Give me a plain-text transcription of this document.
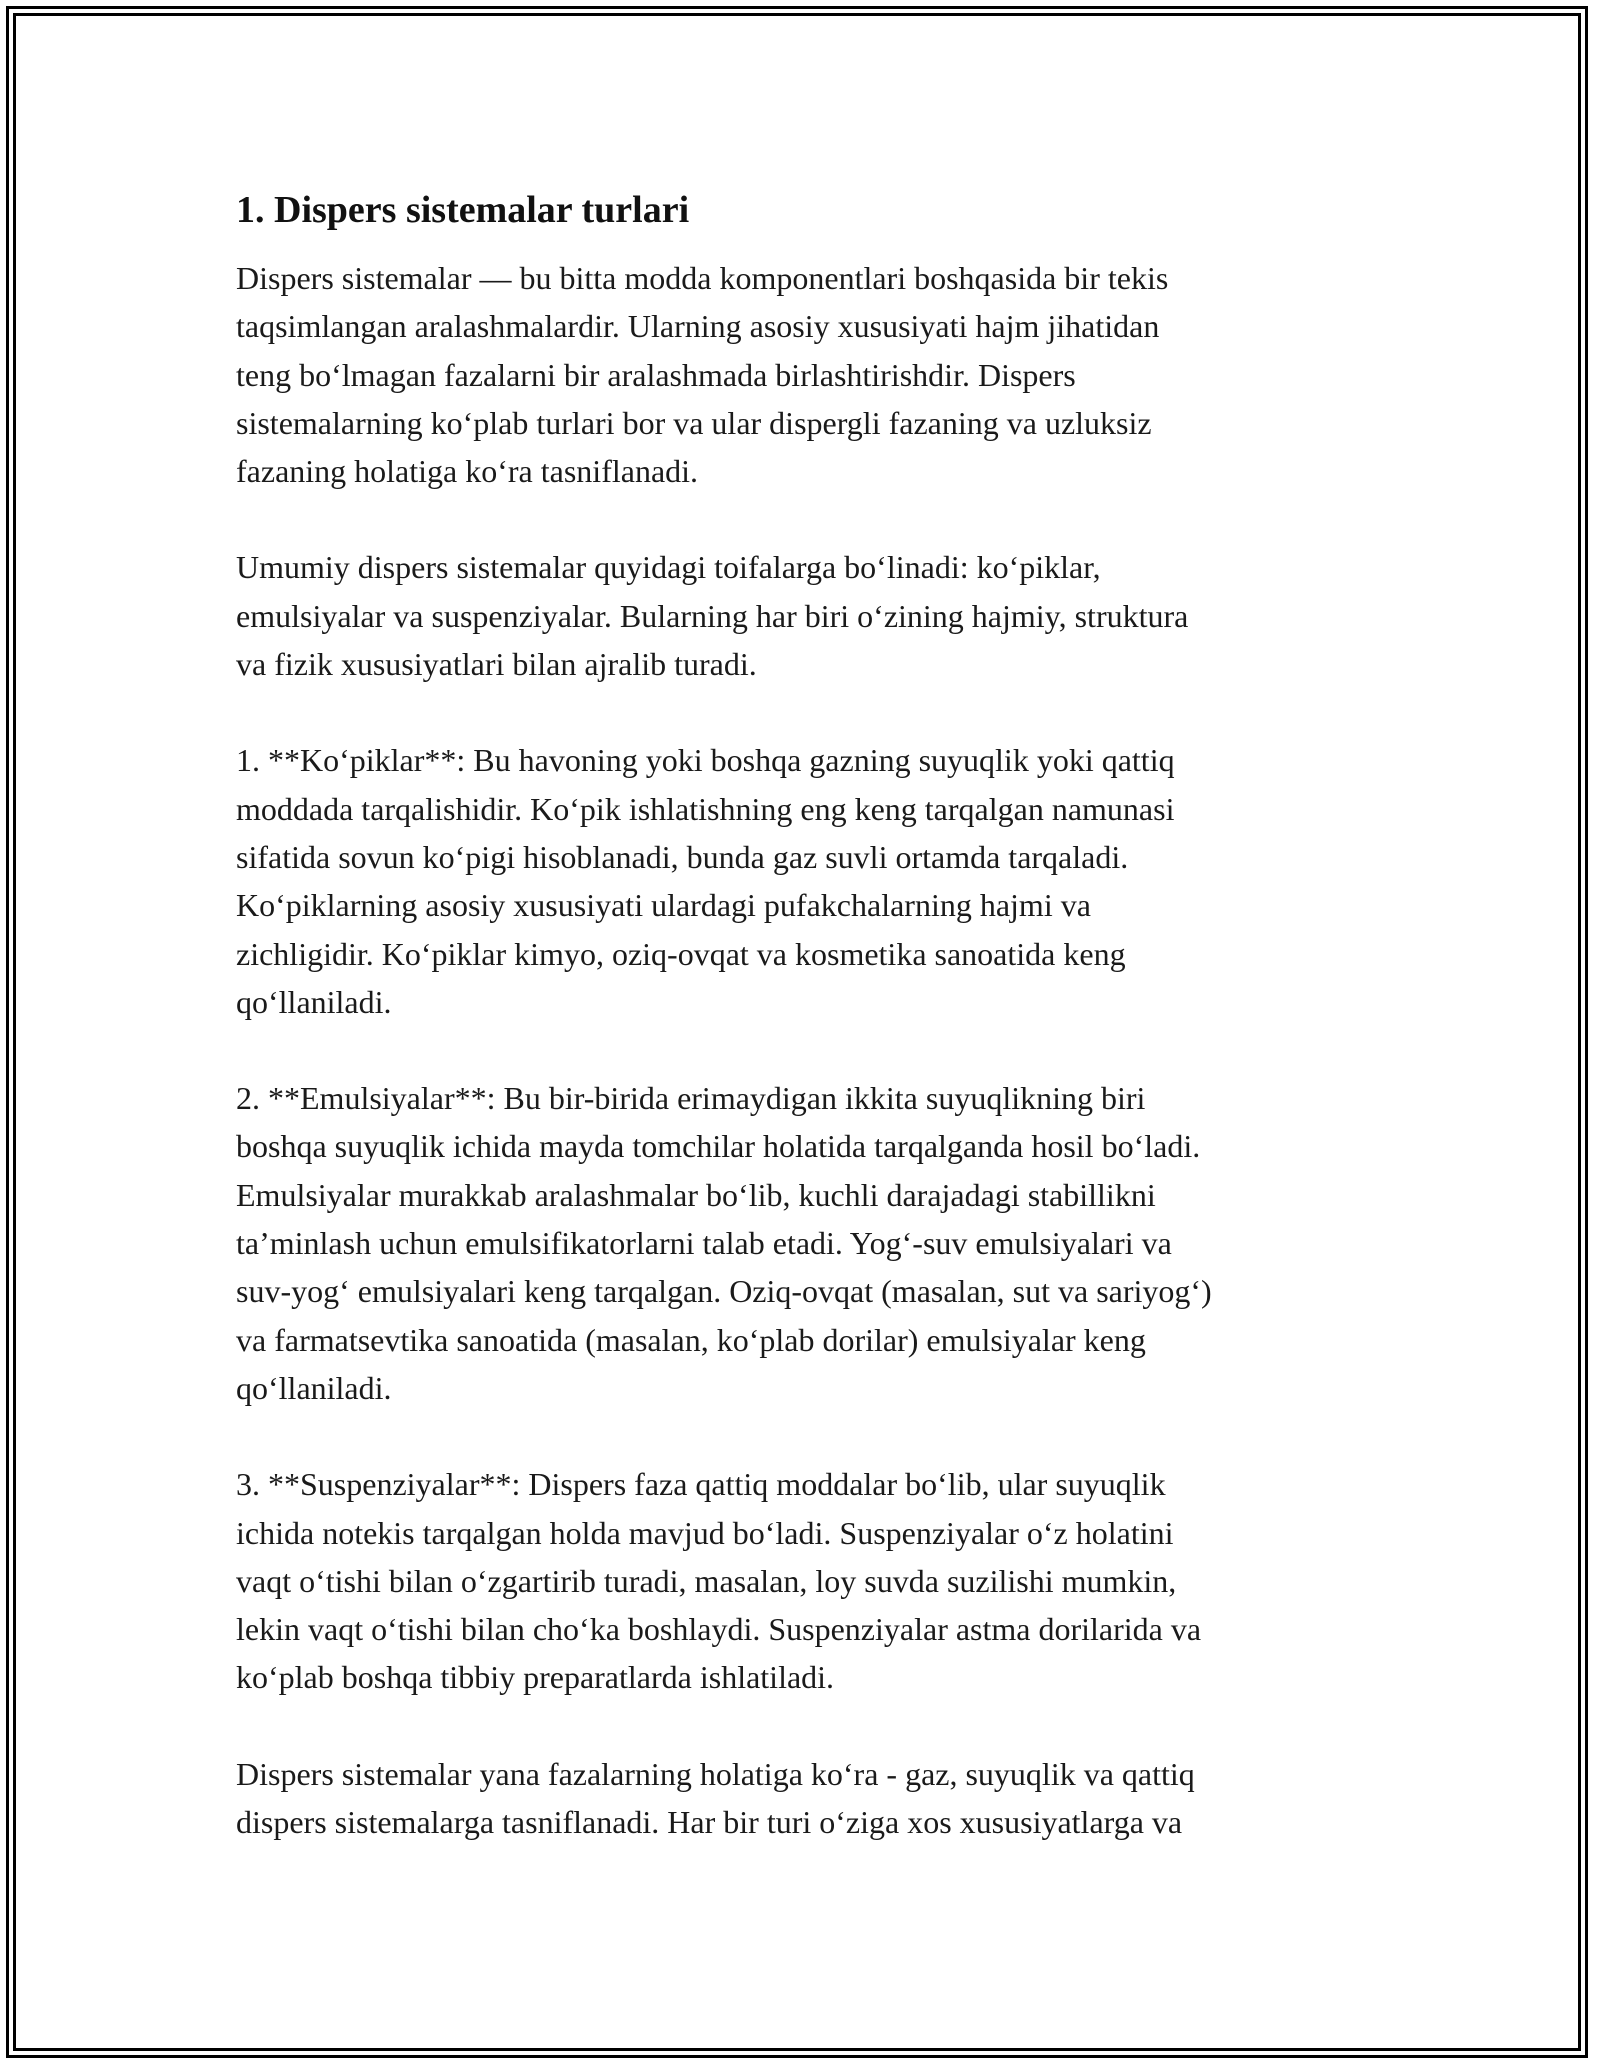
1. Dispers sistemalar turlari

Dispers sistemalar — bu bitta modda komponentlari boshqasida bir tekis
taqsimlangan aralashmalardir. Ularning asosiy xususiyati hajm jihatidan
teng boʻlmagan fazalarni bir aralashmada birlashtirishdir. Dispers
sistemalarning koʻplab turlari bor va ular dispergli fazaning va uzluksiz
fazaning holatiga koʻra tasniflanadi.

Umumiy dispers sistemalar quyidagi toifalarga boʻlinadi: koʻpiklar,
emulsiyalar va suspenziyalar. Bularning har biri oʻzining hajmiy, struktura
va fizik xususiyatlari bilan ajralib turadi.

1. **Koʻpiklar**: Bu havoning yoki boshqa gazning suyuqlik yoki qattiq
moddada tarqalishidir. Koʻpik ishlatishning eng keng tarqalgan namunasi
sifatida sovun koʻpigi hisoblanadi, bunda gaz suvli ortamda tarqaladi.
Koʻpiklarning asosiy xususiyati ulardagi pufakchalarning hajmi va
zichligidir. Koʻpiklar kimyo, oziq-ovqat va kosmetika sanoatida keng
qoʻllaniladi.

2. **Emulsiyalar**: Bu bir-birida erimaydigan ikkita suyuqlikning biri
boshqa suyuqlik ichida mayda tomchilar holatida tarqalganda hosil boʻladi.
Emulsiyalar murakkab aralashmalar boʻlib, kuchli darajadagi stabillikni
taʼminlash uchun emulsifikatorlarni talab etadi. Yogʻ-suv emulsiyalari va
suv-yogʻ emulsiyalari keng tarqalgan. Oziq-ovqat (masalan, sut va sariyogʻ)
va farmatsevtika sanoatida (masalan, koʻplab dorilar) emulsiyalar keng
qoʻllaniladi.

3. **Suspenziyalar**: Dispers faza qattiq moddalar boʻlib, ular suyuqlik
ichida notekis tarqalgan holda mavjud boʻladi. Suspenziyalar oʻz holatini
vaqt oʻtishi bilan oʻzgartirib turadi, masalan, loy suvda suzilishi mumkin,
lekin vaqt oʻtishi bilan choʻka boshlaydi. Suspenziyalar astma dorilarida va
koʻplab boshqa tibbiy preparatlarda ishlatiladi.

Dispers sistemalar yana fazalarning holatiga koʻra - gaz, suyuqlik va qattiq
dispers sistemalarga tasniflanadi. Har bir turi oʻziga xos xususiyatlarga va
